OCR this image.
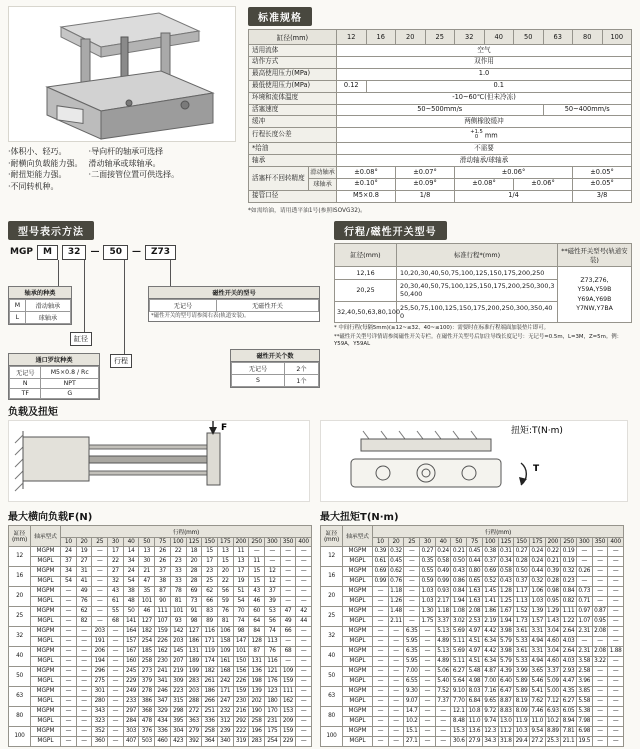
·体积小、轻巧。
·耐横向负载能力强。
·耐扭矩能力强。
·不同转机种。
·导向杆的轴承可选择
滑动轴承或球轴承。
·二面接管位置可供选择。
标准规格
缸径(mm)		12	16	20	25	32	40	50	63	80	100
适用流体		空气									
动作方式		双作用									
最高使用压力(MPa)		1.0									
最低使用压力(MPa)		0.12	0.1								
环境和流体温度		-10~60℃(但未冷冻)									
活塞速度		50~500mm/s							50~400mm/s		
缓冲		两侧橡胶缓冲									
行程长度公差		+1.5
0 mm									
*给油		不需要									
轴承		滑动轴承/球轴承									
活塞杆不回转精度	滑动轴承	±0.08°		±0.07°		±0.06°				±0.05°	
	球轴承	±0.10°		±0.09°		±0.08°		±0.06°		±0.05°	
接管口径		M5×0.8		1/8		1/4				3/8	
*如需给油，请用透平油1号(参照ISOVG32)。
型号表示方法
MGP	M	32	—	50	—	Z73
轴承的种类
M	滑动轴承
L	球轴承
缸径
行程
磁性开关的型号
无记号	无磁性开关
*磁性开关的型号请参阅右表(轨道安装)。
通口罗纹种类
无记号	M5×0.8 / Rc
N	NPT
TF	G
磁性开关个数
无记号	2个
S	1个
行程/磁性开关型号
缸径(mm)	标准行程*(mm)	**磁性开关型号(轨道安装)
12,16	10,20,30,40,50,75,100,125,150,175,200,250	Z73,Z76,
Y59A,Y59B
Y69A,Y69B
Y7NW,Y7BA

20,25	20,30,40,50,75,100,125,150,175,200,250,300,350,400	
32,40,50,63,80,100	25,50,75,100,125,150,175,200,250,300,350,400	
* 中间行程(每隔5mm)(≥12~≤32、40~≤100)：需要时在标准行程端面加装垫片即可。
**磁性开关型号详情请参阅磁性开关专栏。在磁性开关型号后加注导线长度记号：无记号=0.5m，L=3M，Z=5m。例：Y59A，Y59AL
负载及扭矩
F	扭矩:T(N·m)
T
最大横向负载F(N)
缸径(mm)	轴承型式	行程(mm)															
		10	20	25	30	40	50	75	100	125	150	175	200	250	300	350	400
12	MGPM	24	19	—	17	14	13	26	22	18	15	13	11	—	—	—	—
	MGPL	37	27	—	22	34	30	26	23	20	17	15	13	11	—	—	—
16	MGPM	34	31	—	27	24	21	37	33	28	23	20	17	15	12	—	—
	MGPL	54	41	—	32	54	47	38	33	28	25	22	19	15	12	—	—
20	MGPM	—	49	—	43	38	35	87	78	69	62	56	51	43	37	—	—
	MGPL	—	76	—	61	48	101	90	81	73	66	59	54	46	39	—	—
25	MGPM	—	62	—	55	50	46	111	101	91	83	76	70	60	53	47	42
	MGPL	—	82	—	68	141	127	107	93	98	89	81	74	64	56	49	44
32	MGPM	—	—	203	—	164	182	159	142	127	116	106	98	84	74	66	—
	MGPL	—	—	191	—	157	254	226	203	186	171	158	147	128	113	—	—
40	MGPM	—	—	206	—	167	185	162	145	131	119	109	101	87	76	68	—
	MGPL	—	—	194	—	160	258	230	207	189	174	161	150	131	116	—	—
50	MGPM	—	—	296	—	245	273	241	219	199	182	168	156	136	121	109	—
	MGPL	—	—	275	—	229	379	341	309	283	261	242	226	198	176	159	—
63	MGPM	—	—	301	—	249	278	246	223	203	186	171	159	139	123	111	—
	MGPL	—	—	280	—	233	386	347	315	288	266	247	230	202	180	162	—
80	MGPM	—	—	343	—	297	368	329	298	272	251	232	216	190	170	153	—
	MGPL	—	—	323	—	284	478	434	395	363	336	312	292	258	231	209	—
100	MGPM	—	—	352	—	303	376	336	304	279	258	239	222	196	175	159	—
	MGPL	—	—	360	—	407	503	460	423	392	364	340	319	283	254	229	—
最大扭矩T(N·m)
缸径(mm)	轴承型式	行程(mm)															
		10	20	25	30	40	50	75	100	125	150	175	200	250	300	350	400
12	MGPM	0.39	0.32	—	0.27	0.24	0.21	0.45	0.38	0.31	0.27	0.24	0.22	0.19	—	—	—
	MGPL	0.61	0.45	—	0.35	0.58	0.50	0.44	0.37	0.34	0.28	0.24	0.21	0.19	—	—	—
16	MGPM	0.69	0.62	—	0.55	0.49	0.43	0.80	0.69	0.58	0.50	0.44	0.39	0.32	0.26	—	—
	MGPL	0.99	0.76	—	0.59	0.99	0.86	0.65	0.52	0.43	0.37	0.32	0.28	0.23	—	—	—
20	MGPM	—	1.18	—	1.03	0.93	0.84	1.63	1.45	1.28	1.17	1.06	0.98	0.84	0.73	—	—
	MGPL	—	1.26	—	1.03	2.17	1.94	1.63	1.41	1.25	1.13	1.03	0.95	0.82	0.71	—	—
25	MGPM	—	1.48	—	1.30	1.18	1.08	2.08	1.86	1.67	1.52	1.39	1.29	1.11	0.97	0.87	—
	MGPL	—	2.11	—	1.75	3.37	3.02	2.53	2.19	1.94	1.73	1.57	1.43	1.22	1.07	0.95	—
32	MGPM	—	—	6.35	—	5.13	5.69	4.97	4.42	3.98	3.61	3.31	3.04	2.64	2.31	2.08	—
	MGPL	—	—	5.95	—	4.89	5.11	4.51	6.34	5.79	5.33	4.94	4.60	4.03	—	—	—
40	MGPM	—	—	6.35	—	5.13	5.69	4.97	4.42	3.98	3.61	3.31	3.04	2.64	2.31	2.08	1.88
	MGPL	—	—	5.95	—	4.89	5.11	4.51	6.34	5.79	5.33	4.94	4.60	4.03	3.58	3.22	—
50	MGPM	—	—	7.00	—	5.06	6.27	5.48	4.87	4.39	3.99	3.65	3.37	2.93	2.58	—	—
	MGPL	—	—	6.55	—	5.40	5.64	4.98	7.00	6.40	5.89	5.46	5.09	4.47	3.96	—	—
63	MGPM	—	—	9.30	—	7.52	9.10	8.03	7.16	6.47	5.89	5.41	5.00	4.35	3.85	—	—
	MGPL	—	—	9.07	—	7.37	7.70	6.84	9.65	8.87	8.19	7.62	7.12	6.27	5.58	—	—
80	MGPM	—	—	14.7	—	—	12.1	10.8	9.72	8.83	8.09	7.46	6.93	6.05	5.38	—	—
	MGPL	—	—	10.2	—	—	8.48	11.0	9.74	13.0	11.9	11.0	10.2	8.94	7.98	—	—
100	MGPM	—	—	15.1	—	—	15.3	13.6	12.3	11.2	10.3	9.54	8.89	7.81	6.98	—	—
	MGPL	—	—	27.1	—	—	30.6	27.9	34.3	31.8	29.4	27.2	25.3	21.1	19.5	—	—
